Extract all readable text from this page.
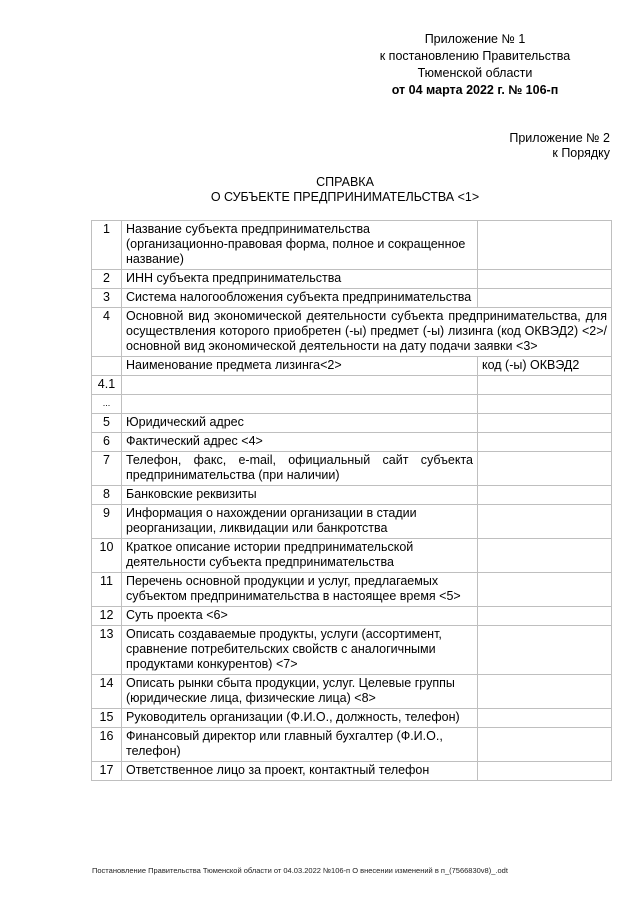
Приложение № 1
к постановлению Правительства
Тюменской области
от 04 марта 2022 г. № 106-п
Приложение № 2
к Порядку
СПРАВКА
О СУБЪЕКТЕ ПРЕДПРИНИМАТЕЛЬСТВА <1>
1	Название субъекта предпринимательства (организационно-правовая форма, полное и сокращенное название)	
2	ИНН субъекта предпринимательства	
3	Система налогообложения субъекта предпринимательства	
4	Основной вид экономической деятельности субъекта предпринимательства, для осуществления которого приобретен (-ы) предмет (-ы) лизинга (код ОКВЭД2) <2>/ основной вид экономической деятельности на дату подачи заявки <3>	
	Наименование предмета лизинга<2>	код (-ы) ОКВЭД2
4.1		
...		
5	Юридический адрес	
6	Фактический адрес <4>	
7	Телефон, факс, e-mail, официальный сайт субъекта предпринимательства (при наличии)	
8	Банковские реквизиты	
9	Информация о нахождении организации в стадии реорганизации, ликвидации или банкротства	
10	Краткое описание истории предпринимательской деятельности субъекта предпринимательства	
11	Перечень основной продукции и услуг, предлагаемых субъектом предпринимательства в настоящее время <5>	
12	Суть проекта <6>	
13	Описать создаваемые продукты, услуги (ассортимент, сравнение потребительских свойств с аналогичными продуктами конкурентов) <7>	
14	Описать рынки сбыта продукции, услуг. Целевые группы (юридические лица, физические лица) <8>	
15	Руководитель организации (Ф.И.О., должность, телефон)	
16	Финансовый директор или главный бухгалтер (Ф.И.О., телефон)	
17	Ответственное лицо за проект, контактный телефон	
Постановление Правительства Тюменской области от 04.03.2022 №106-п О внесении изменений в п_(7566830v8)_.odt
